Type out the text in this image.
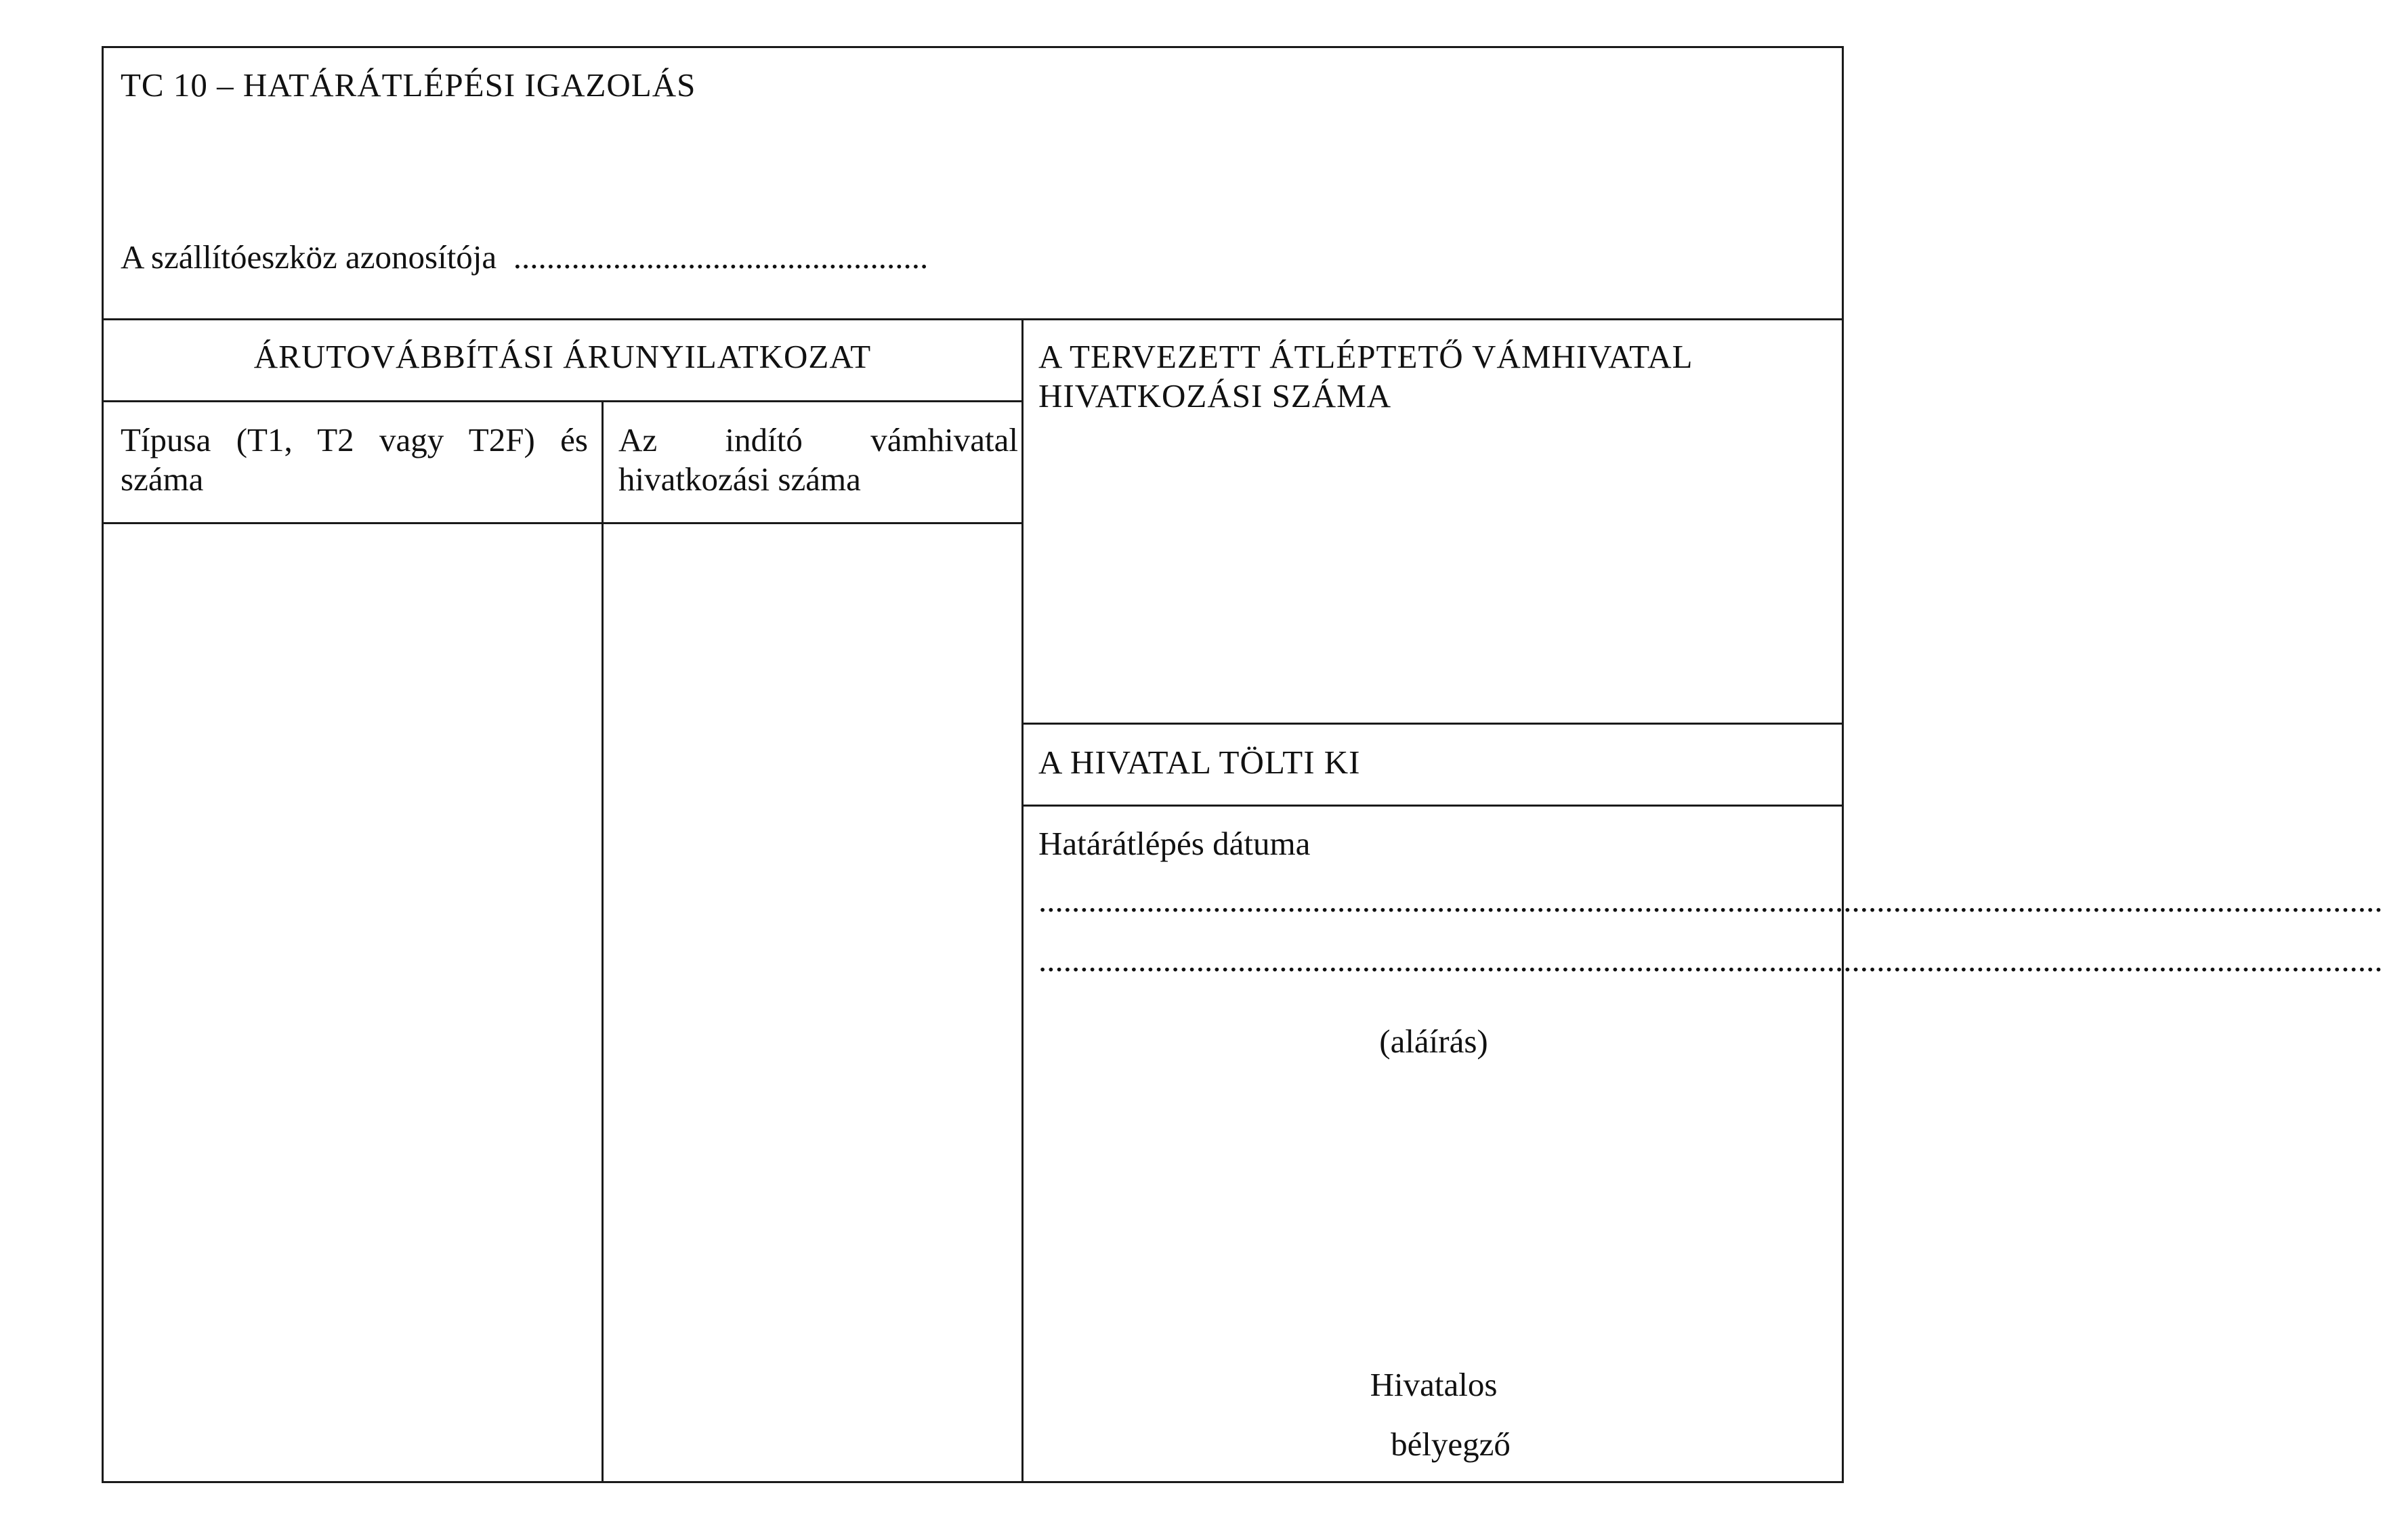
TC 10 – HATÁRÁTLÉPÉSI IGAZOLÁS
A szállítóeszköz azonosítója ..................................................
ÁRUTOVÁBBÍTÁSI ÁRUNYILATKOZAT	A TERVEZETT ÁTLÉPTETŐ VÁMHIVATAL HIVATKOZÁSI SZÁMA
Típusa (T1, T2 vagy T2F) és száma
Az indító vámhivatal hivatkozási száma
A HIVATAL TÖLTI KI
Határátlépés dátuma
..................................................................................................................................................................
..................................................................................................................................................................
(aláírás)
Hivatalos
bélyegző
